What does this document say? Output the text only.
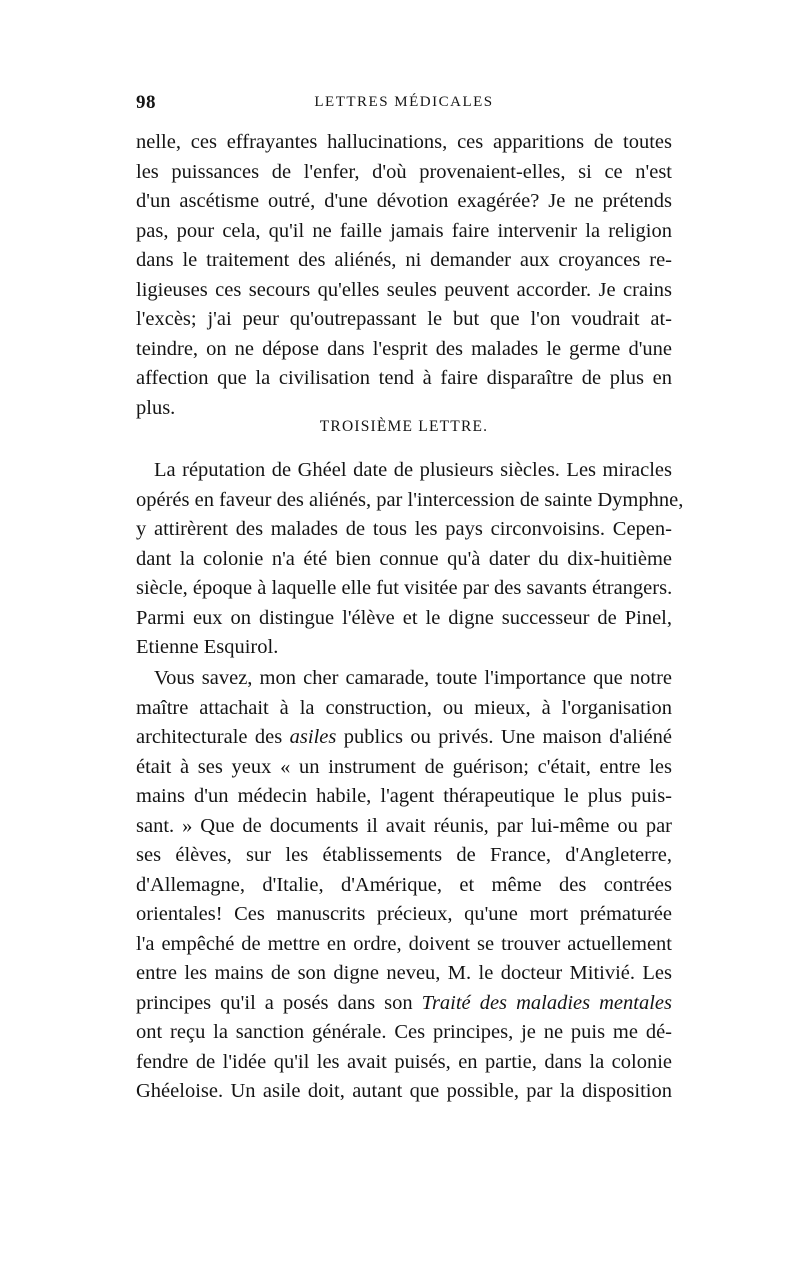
98	LETTRES MÉDICALES
nelle, ces effrayantes hallucinations, ces apparitions de toutes
les puissances de l'enfer, d'où provenaient-elles, si ce n'est
d'un ascétisme outré, d'une dévotion exagérée? Je ne prétends
pas, pour cela, qu'il ne faille jamais faire intervenir la religion
dans le traitement des aliénés, ni demander aux croyances re-
ligieuses ces secours qu'elles seules peuvent accorder. Je crains
l'excès; j'ai peur qu'outrepassant le but que l'on voudrait at-
teindre, on ne dépose dans l'esprit des malades le germe d'une
affection que la civilisation tend à faire disparaître de plus en
plus.
TROISIÈME LETTRE.
La réputation de Ghéel date de plusieurs siècles. Les miracles
opérés en faveur des aliénés, par l'intercession de sainte Dymphne,
y attirèrent des malades de tous les pays circonvoisins. Cepen-
dant la colonie n'a été bien connue qu'à dater du dix-huitième
siècle, époque à laquelle elle fut visitée par des savants étrangers.
Parmi eux on distingue l'élève et le digne successeur de Pinel,
Etienne Esquirol.
Vous savez, mon cher camarade, toute l'importance que notre
maître attachait à la construction, ou mieux, à l'organisation
architecturale des asiles publics ou privés. Une maison d'aliéné
était à ses yeux « un instrument de guérison; c'était, entre les
mains d'un médecin habile, l'agent thérapeutique le plus puis-
sant. » Que de documents il avait réunis, par lui-même ou par
ses élèves, sur les établissements de France, d'Angleterre,
d'Allemagne, d'Italie, d'Amérique, et même des contrées
orientales! Ces manuscrits précieux, qu'une mort prématurée
l'a empêché de mettre en ordre, doivent se trouver actuellement
entre les mains de son digne neveu, M. le docteur Mitivié. Les
principes qu'il a posés dans son Traité des maladies mentales
ont reçu la sanction générale. Ces principes, je ne puis me dé-
fendre de l'idée qu'il les avait puisés, en partie, dans la colonie
Ghéeloise. Un asile doit, autant que possible, par la disposition
